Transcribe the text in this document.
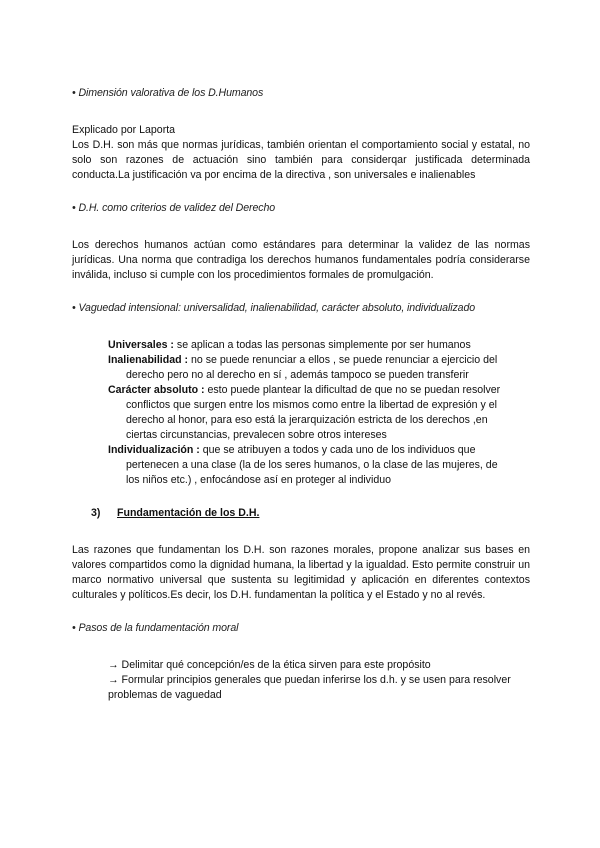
• Dimensión valorativa de los D.Humanos

Explicado por Laporta

Los D.H. son más que normas jurídicas, también orientan el comportamiento social y estatal, no solo son razones de actuación sino también para considerqar justificada determinada conducta.La justificación va por encima de la directiva , son universales e inalienables

• D.H. como criterios de validez del Derecho

Los derechos humanos actúan como estándares para determinar la validez de las normas jurídicas. Una norma que contradiga los derechos humanos fundamentales podría considerarse inválida, incluso si cumple con los procedimientos formales de promulgación.

• Vaguedad intensional: universalidad, inalienabilidad, carácter absoluto, individualizado

Universales : se aplican a todas las personas simplemente por ser humanos

Inalienabilidad : no se puede renunciar a ellos , se puede renunciar a ejercicio del

derecho pero no al derecho en sí , además tampoco se pueden transferir

Carácter absoluto : esto puede plantear la dificultad de que no se puedan resolver

conflictos que surgen entre los mismos como entre la libertad de expresión y el derecho al honor, para eso está la jerarquización estricta de los derechos ,en ciertas circunstancias, prevalecen sobre otros intereses

Individualización : que se atribuyen a todos y cada uno de los individuos que

pertenecen a una clase (la de los seres humanos, o la clase de las mujeres, de los niños etc.) , enfocándose así en proteger al individuo

3) Fundamentación de los D.H.

Las razones que fundamentan los D.H. son razones morales, propone analizar sus bases en valores compartidos como la dignidad humana, la libertad y la igualdad. Esto permite construir un marco normativo universal que sustenta su legitimidad y aplicación en diferentes contextos culturales y políticos.Es decir, los D.H. fundamentan la política y el Estado y no al revés.

• Pasos de la fundamentación moral

→ Delimitar qué concepción/es de la ética sirven para este propósito

→ Formular principios generales que puedan inferirse los d.h. y se usen para resolver problemas de vaguedad
